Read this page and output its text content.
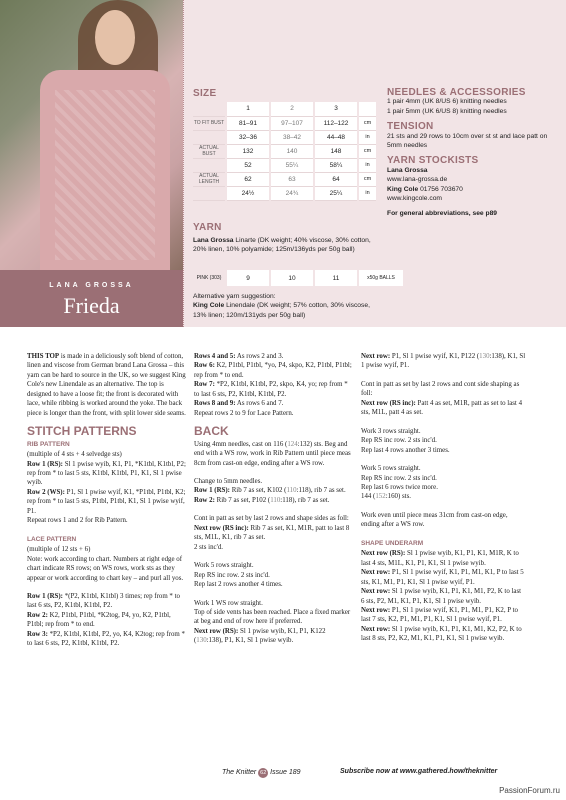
LANA GROSSA
Frieda
SIZE
	1	2	3	
TO FIT BUST	81–91	97–107	112–122	cm
	32–36	38–42	44–48	in
ACTUAL BUST	132	140	148	cm
	52	55¼	58¼	in
ACTUAL LENGTH	62	63	64	cm
	24½	24¾	25¼	in
YARN
Lana Grossa Linarte (DK weight; 40% viscose, 30% cotton, 20% linen, 10% polyamide; 125m/136yds per 50g ball)
PINK (303)	9	10	11	x50g BALLS
Alternative yarn suggestion:
King Cole Linendale (DK weight; 57% cotton, 30% viscose, 13% linen; 120m/131yds per 50g ball)
NEEDLES & ACCESSORIES
1 pair 4mm (UK 8/US 6) knitting needles
1 pair 5mm (UK 6/US 8) knitting needles
TENSION
21 sts and 29 rows to 10cm over st st and lace patt on 5mm needles
YARN STOCKISTS
Lana Grossa
www.lana-grossa.de
King Cole 01756 703670
www.kingcole.com
For general abbreviations, see p89

THIS TOP is made in a deliciously soft blend of cotton, linen and viscose from German brand Lana Grossa – this yarn can be hard to source in the UK, so we suggest King Cole's new Linendale as an alternative. The top is designed to have a loose fit; the front is decorated with lace, while ribbing is worked around the yoke. The back piece is longer than the front, with split lower side seams.

STITCH PATTERNS
RIB PATTERN
(multiple of 4 sts + 4 selvedge sts)
Row 1 (RS): Sl 1 pwise wyib, K1, P1, *K1tbl, K1tbl, P2; rep from * to last 5 sts, K1tbl, K1tbl, P1, K1, Sl 1 pwise wyib.
Row 2 (WS): P1, Sl 1 pwise wyif, K1, *P1tbl, P1tbl, K2; rep from * to last 5 sts, P1tbl, P1tbl, K1, Sl 1 pwise wyif, P1.

Repeat rows 1 and 2 for Rib Pattern.

LACE PATTERN
(multiple of 12 sts + 6)

Note: work according to chart. Numbers at right edge of chart indicate RS rows; on WS rows, work sts as they appear or work according to chart key – and purl all yos.

Row 1 (RS): *(P2, K1tbl, K1tbl) 3 times; rep from * to last 6 sts, P2, K1tbl, K1tbl, P2.
Row 2: K2, P1tbl, P1tbl, *K2tog, P4, yo, K2, P1tbl, P1tbl; rep from * to end.
Row 3: *P2, K1tbl, K1tbl, P2, yo, K4, K2tog; rep from * to last 6 sts, P2, K1tbl, K1tbl, P2.
Rows 4 and 5: As rows 2 and 3.
Row 6: K2, P1tbl, P1tbl, *yo, P4, skpo, K2, P1tbl, P1tbl; rep from * to end.
Row 7: *P2, K1tbl, K1tbl, P2, skpo, K4, yo; rep from * to last 6 sts, P2, K1tbl, K1tbl, P2.
Rows 8 and 9: As rows 6 and 7.

Repeat rows 2 to 9 for Lace Pattern.

BACK

Using 4mm needles, cast on 116 (124:132) sts. Beg and end with a WS row, work in Rib Pattern until piece meas 8cm from cast-on edge, ending after a WS row.

Change to 5mm needles.
Row 1 (RS): Rib 7 as set, K102 (110:118), rib 7 as set.

Row 2: Rib 7 as set, P102 (110:118), rib 7 as set.

Cont in patt as set by last 2 rows and shape sides as foll:
Next row (RS inc): Rib 7 as set, K1, M1R, patt to last 8 sts, M1L, K1, rib 7 as set.

2 sts inc'd.

Work 5 rows straight.
Rep RS inc row. 2 sts inc'd.

Rep last 2 rows another 4 times.

Work 1 WS row straight.
Top of side vents has been reached. Place a fixed marker at beg and end of row here if preferred.
Next row (RS): Sl 1 pwise wyib, K1, P1, K122 (130:138), P1, K1, Sl 1 pwise wyib.

Next row: P1, Sl 1 pwise wyif, K1, P122 (130:138), K1, Sl 1 pwise wyif, P1.

Cont in patt as set by last 2 rows and cont side shaping as foll:

Next row (RS inc): Patt 4 as set, M1R, patt as set to last 4 sts, M1L, patt 4 as set.

Work 3 rows straight.
Rep RS inc row. 2 sts inc'd.

Rep last 4 rows another 3 times.

Work 5 rows straight.
Rep RS inc row. 2 sts inc'd.
Rep last 6 rows twice more.

144 (152:160) sts.

Work even until piece meas 31cm from cast-on edge, ending after a WS row.

SHAPE UNDERARM
Next row (RS): Sl 1 pwise wyib, K1, P1, K1, M1R, K to last 4 sts, M1L, K1, P1, K1, Sl 1 pwise wyib.
Next row: P1, Sl 1 pwise wyif, K1, P1, M1, K1, P to last 5 sts, K1, M1, P1, K1, Sl 1 pwise wyif, P1.
Next row: Sl 1 pwise wyib, K1, P1, K1, M1, P2, K to last 6 sts, P2, M1, K1, P1, K1, Sl 1 pwise wyib.
Next row: P1, Sl 1 pwise wyif, K1, P1, M1, P1, K2, P to last 7 sts, K2, P1, M1, P1, K1, Sl 1 pwise wyif, P1.
Next row: Sl 1 pwise wyib, K1, P1, K1, M1, K2, P2, K to last 8 sts, P2, K2, M1, K1, P1, K1, Sl 1 pwise wyib.
The Knitter 62 Issue 189	Subscribe now at www.gathered.how/theknitter
PassionForum.ru
